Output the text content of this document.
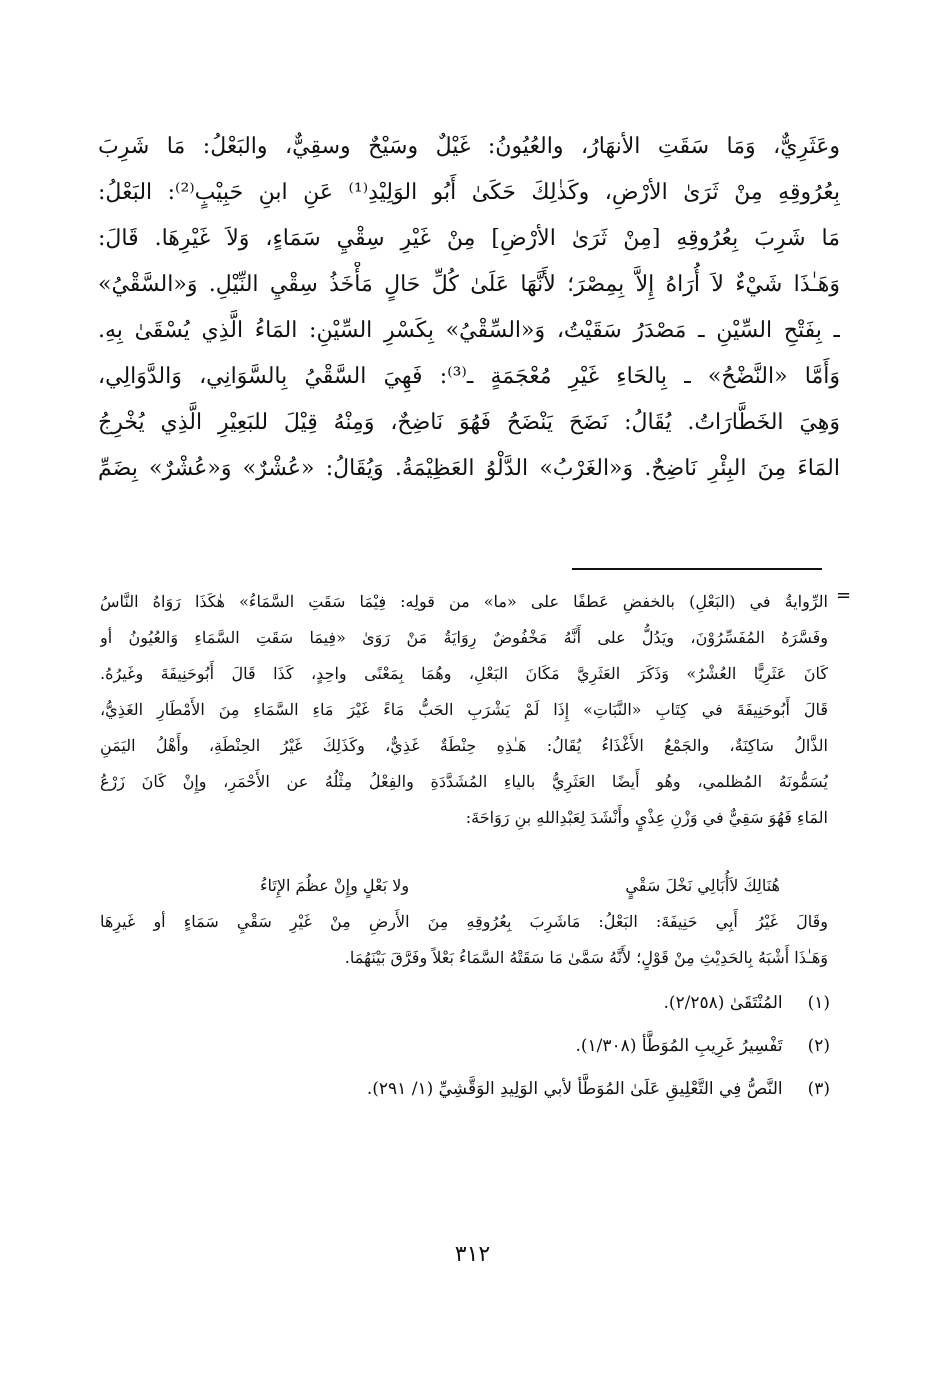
وعَثَرِيٌّ، وَمَا سَقَتِ الأنهَارُ، والعُيُونُ: غَيْلٌ وسَيْحٌ وسقِيٌّ، والبَعْلُ: مَا شَرِبَ
بِعُرُوقِهِ مِنْ ثَرَىٰ الأرْضِ، وكَذٰلِكَ حَكَىٰ أَبُو الوَلِيْدِ⁽¹⁾ عَنِ ابنِ حَبِيْبٍ⁽²⁾: البَعْلُ:
مَا شَرِبَ بِعُرُوقِهِ [مِنْ ثَرَىٰ الأرْضِ] مِنْ غَيْرِ سِقْيِ سَمَاءٍ، وَلاَ غَيْرِهَا. قَالَ:
وَهَـٰذَا شَيْءٌ لاَ أُرَاهُ إِلاَّ بِمِصْرَ؛ لأَنَّهَا عَلَىٰ كُلِّ حَالٍ مَأْخَذُ سِقْيِ النِّيْلِ. وَ«السَّقْيُ»
ـ بِفَتْحِ السِّيْنِ ـ مَصْدَرُ سَقَيْتُ، وَ«السِّقْيُ» بِكَسْرِ السِّيْنِ: المَاءُ الَّذِي يُسْقَىٰ بِهِ.
وَأَمَّا «النَّضْحُ» ـ بِالحَاءِ غَيْرِ مُعْجَمَةٍ ـ⁽³⁾: فَهِيَ السَّقْيُ بِالسَّوَانِي، وَالدَّوَالِي،
وَهِيَ الخَطَّارَاتُ. يُقَالُ: نَضَحَ يَنْضَحُ فَهُوَ نَاضِحٌ، وَمِنْهُ قِيْلَ للبَعِيْرِ الَّذِي يُخْرِجُ
المَاءَ مِنَ البِئْرِ نَاضِحٌ. وَ«الغَرْبُ» الدَّلْوُ العَظِيْمَةُ. وَيُقَالُ: «عُشْرٌ» وَ«عُشْرٌ» بِضَمِّ
=
الرِّوايةُ في (البَعْلِ) بالخفضِ عَطفًا على «ما» من قولِه: فِيْمَا سَقَتِ السَّمَاءُ» هٰكَذَا رَوَاهُ النَّاسُ
وفَسَّرَهُ المُفَسِّرُوْنَ، ويَدُلُّ على أَنَّهُ مَخْفُوضٌ رِوَايَةُ مَنْ رَوَىٰ «فِيمَا سَقَتِ السَّمَاءِ وَالعُيُونُ أو
كَانَ عَثَرِيًّا العُشْرُ» وَذَكَرَ العَثَرِيَّ مَكَانَ البَعْلِ، وهُمَا بِمَعْنًى واحِدٍ، كَذَا قَالَ أَبُوحَنِيفَةَ وغَيرُهُ.
قَالَ أَبُوحَنِيفَةَ في كِتَابِ «النَّبَاتِ» إِذَا لَمْ يَشْرَبِ الحَبُّ مَاءً غَيْرَ مَاءِ السَّمَاءِ مِنَ الأَمْطَارِ الغَذِيُّ،
الذَّالُ سَاكِنَةٌ، والجَمْعُ الأَغْذَاءُ يُقَالُ: هَـٰذِهِ حِنْطَةٌ غَذِيٌّ، وكَذَلِكَ غَيْرُ الحِنْطَةِ، وأَهْلُ اليَمَنِ
يُسَمُّونَهُ المُظلمي، وهُو أَيضًا العَثَرِيُّ بالياءِ المُشَدَّدَةِ والفِعْلُ مِثْلُهُ عن الأَحْمَرِ، وإِنْ كَانَ زَرْعُ
المَاءِ فَهُوَ سَقِيٌّ في وَزْنِ عِذْيٍ وأَنْشَدَ لِعَبْدِاللهِ بنِ رَوَاحَةَ:
هُنَالِكَ لاَأُبَالِي نَخْلَ سَقْيٍ
ولا بَعْلٍ وإِنْ عظُمَ الإِتَاءُ
وقَالَ غَيْرُ أَبِي حَنِيفَةَ: البَعْلُ: مَاشَرِبَ بِعُرُوقِهِ مِنَ الأَرضِ مِنْ غَيْرِ سَقْيِ سَمَاءٍ أو غَيرِهَا
وَهَـٰذَا أَشْبَهُ بِالحَدِيْثِ مِنْ قَوْلٍ؛ لأَنَّهُ سَمَّىٰ مَا سَقَتْهُ السَّمَاءُ بَعْلاً وفَرَّقَ بَيْنَهُمَا.
(١) المُنْتَقَىٰ (٢/٢٥٨).
(٢) تَفْسِيرُ غَرِيبِ المُوَطَّأ (١/٣٠٨).
(٣) النَّصُّ فِي التَّعْلِيقِ عَلَىٰ المُوَطَّأ لأبي الوَلِيدِ الوَقَّشِيِّ (١/ ٢٩١).
٣١٢
